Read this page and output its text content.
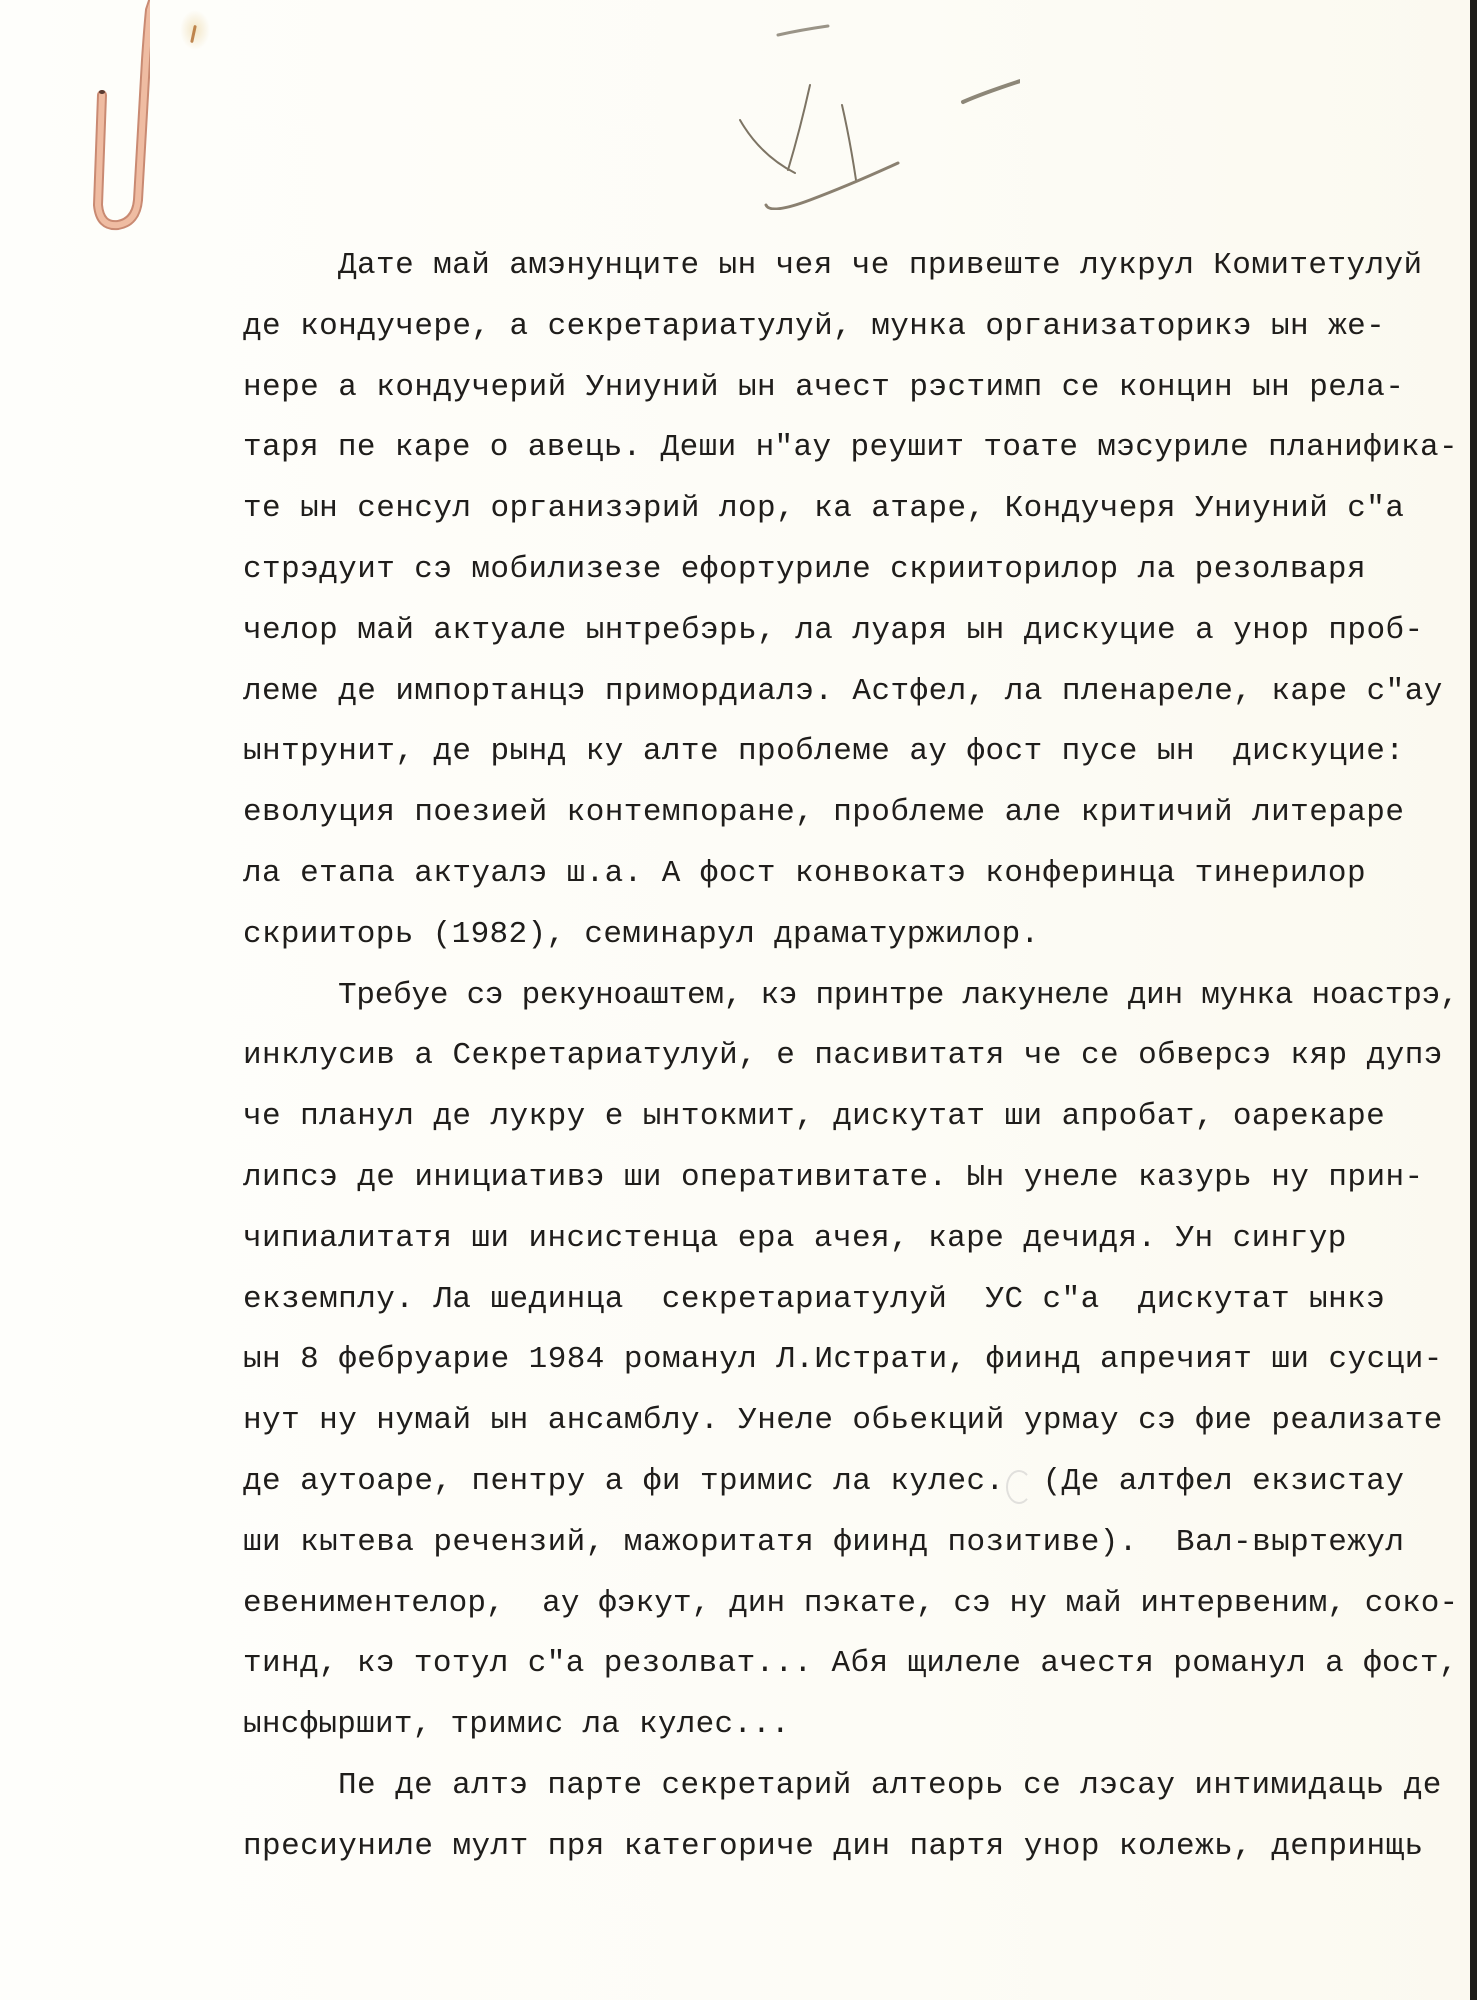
Дате май амэнунците ын чея че привеште лукрул Комитетулуй
де кондучере, а секретариатулуй, мунка организаторикэ ын же-
нере а кондучерий Униуний ын ачест рэстимп се концин ын рела-
таря пе каре о авець. Деши н"ау реушит тоате мэсуриле планифика-
те ын сенсул организэрий лор, ка атаре, Кондучеря Униуний с"а
стрэдуит сэ мобилизезе ефортуриле скрииторилор ла резолваря
челор май актуале ынтребэрь, ла луаря ын дискуцие а унор проб-
леме де импортанцэ примордиалэ. Астфел, ла пленареле, каре с"ау
ынтрунит, де рынд ку алте проблеме ау фост пусе ын  дискуцие:
еволуция поезией контемпоране, проблеме але критичий литераре
ла етапа актуалэ ш.а. А фост конвокатэ конферинца тинерилор
скрииторь (1982), семинарул драматуржилор.
Требуе сэ рекуноаштем, кэ принтре лакунеле дин мунка ноастрэ,
инклусив а Секретариатулуй, е пасивитатя че се обверсэ кяр дупэ
че планул де лукру е ынтокмит, дискутат ши апробат, оарекаре
липсэ де инициативэ ши оперативитате. Ын унеле казурь ну прин-
чипиалитатя ши инсистенца ера ачея, каре дечидя. Ун сингур
екземплу. Ла шединца  секретариатулуй  УС с"а  дискутат ынкэ
ын 8 фебруарие 1984 романул Л.Истрати, фиинд апречият ши сусци-
нут ну нумай ын ансамблу. Унеле обьекций урмау сэ фие реализате
де аутоаре, пентру а фи тримис ла кулес.  (Де алтфел екзистау
ши кытева речензий, мажоритатя фиинд позитиве).  Вал-выртежул
евениментелор,  ау фэкут, дин пэкате, сэ ну май интервеним, соко-
тинд, кэ тотул с"а резолват... Абя щилеле ачестя романул а фост,
ынсфыршит, тримис ла кулес...
Пе де алтэ парте секретарий алтеорь се лэсау интимидаць де
пресиуниле мулт пря категориче дин партя унор колежь, депринщь
